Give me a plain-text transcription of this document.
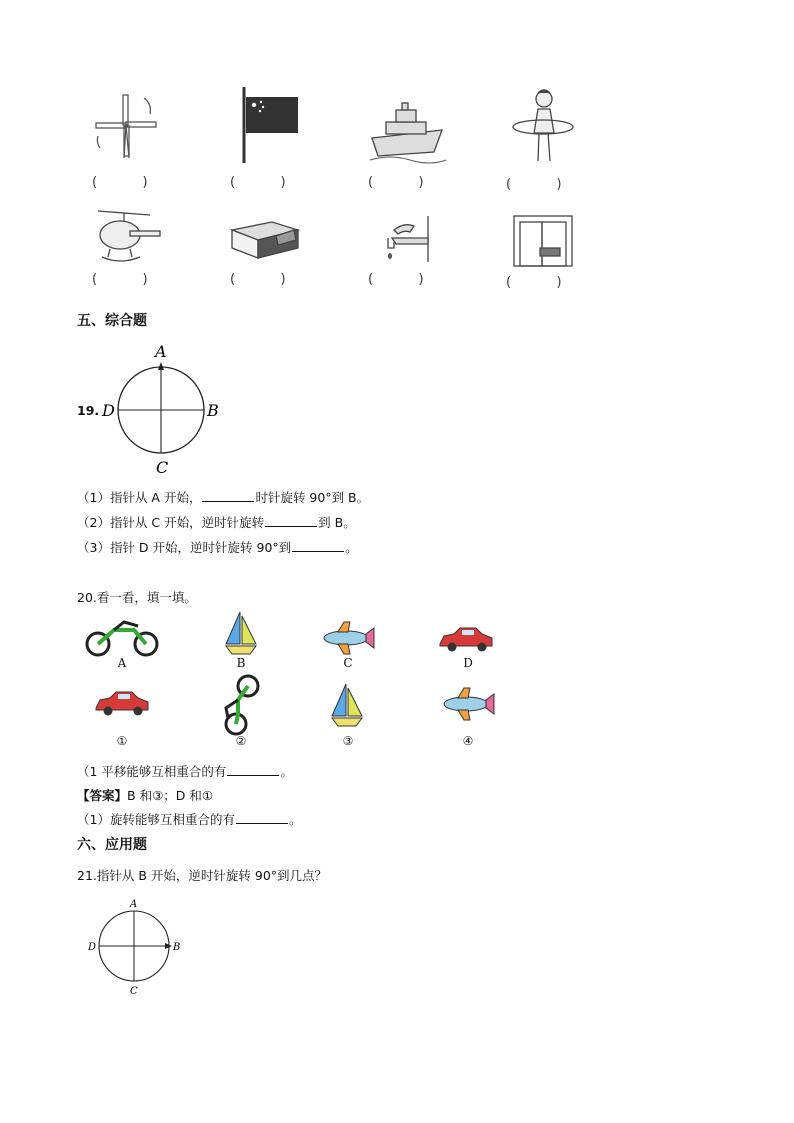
(           )	(           )	(           )	(           )
(           )	(           )	(           )	(           )
五、综合题
19.
A
B
C
D
（1）指针从 A 开始，	时针旋转 90°到 B。
（2）指针从 C 开始，逆时针旋转	到 B。
（3）指针 D 开始，逆时针旋转 90°到	。
20.看一看，填一填。
A	B	C	D
①	②	③	④
（1 平移能够互相重合的有	。
【答案】B 和③；D 和①
（1）旋转能够互相重合的有	。
六、应用题
21.指针从 B 开始，逆时针旋转 90°到几点？
A
B
C
D
